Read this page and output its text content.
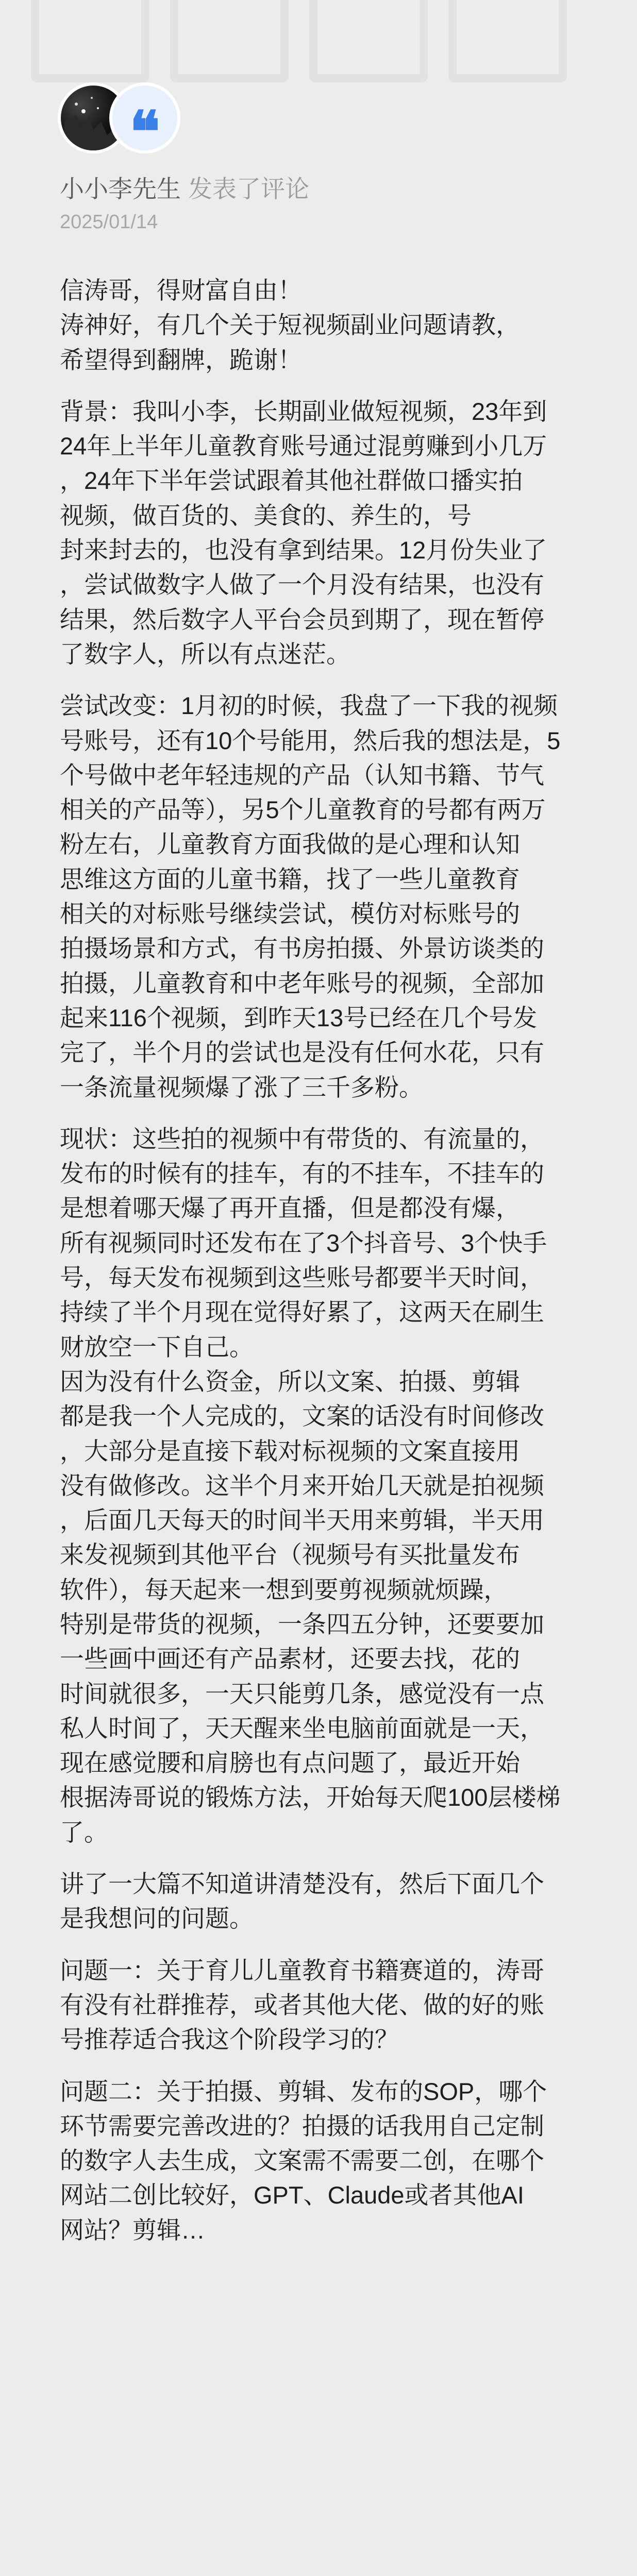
❝
小小李先生 发表了评论
2025/01/14

信涛哥，得财富自由！

涛神好，有几个关于短视频副业问题请教，

希望得到翻牌，跪谢！

背景：我叫小李，长期副业做短视频，23年到

24年上半年儿童教育账号通过混剪赚到小几万

，24年下半年尝试跟着其他社群做口播实拍

视频，做百货的、美食的、养生的，号

封来封去的，也没有拿到结果。12月份失业了

，尝试做数字人做了一个月没有结果，也没有

结果，然后数字人平台会员到期了，现在暂停

了数字人，所以有点迷茫。

尝试改变：1月初的时候，我盘了一下我的视频

号账号，还有10个号能用，然后我的想法是，5

个号做中老年轻违规的产品（认知书籍、节气

相关的产品等），另5个儿童教育的号都有两万

粉左右，儿童教育方面我做的是心理和认知

思维这方面的儿童书籍，找了一些儿童教育

相关的对标账号继续尝试，模仿对标账号的

拍摄场景和方式，有书房拍摄、外景访谈类的

拍摄，儿童教育和中老年账号的视频，全部加

起来116个视频，到昨天13号已经在几个号发

完了，半个月的尝试也是没有任何水花，只有

一条流量视频爆了涨了三千多粉。

现状：这些拍的视频中有带货的、有流量的，

发布的时候有的挂车，有的不挂车，不挂车的

是想着哪天爆了再开直播，但是都没有爆，

所有视频同时还发布在了3个抖音号、3个快手

号，每天发布视频到这些账号都要半天时间，

持续了半个月现在觉得好累了，这两天在刷生

财放空一下自己。

因为没有什么资金，所以文案、拍摄、剪辑

都是我一个人完成的，文案的话没有时间修改

，大部分是直接下载对标视频的文案直接用

没有做修改。这半个月来开始几天就是拍视频

，后面几天每天的时间半天用来剪辑，半天用

来发视频到其他平台（视频号有买批量发布

软件），每天起来一想到要剪视频就烦躁，

特别是带货的视频，一条四五分钟，还要要加

一些画中画还有产品素材，还要去找，花的

时间就很多，一天只能剪几条，感觉没有一点

私人时间了，天天醒来坐电脑前面就是一天，

现在感觉腰和肩膀也有点问题了，最近开始

根据涛哥说的锻炼方法，开始每天爬100层楼梯

了。

讲了一大篇不知道讲清楚没有，然后下面几个

是我想问的问题。

问题一：关于育儿儿童教育书籍赛道的，涛哥

有没有社群推荐，或者其他大佬、做的好的账

号推荐适合我这个阶段学习的？

问题二：关于拍摄、剪辑、发布的SOP，哪个

环节需要完善改进的？拍摄的话我用自己定制

的数字人去生成，文案需不需要二创，在哪个

网站二创比较好，GPT、Claude或者其他AI

网站？剪辑…
